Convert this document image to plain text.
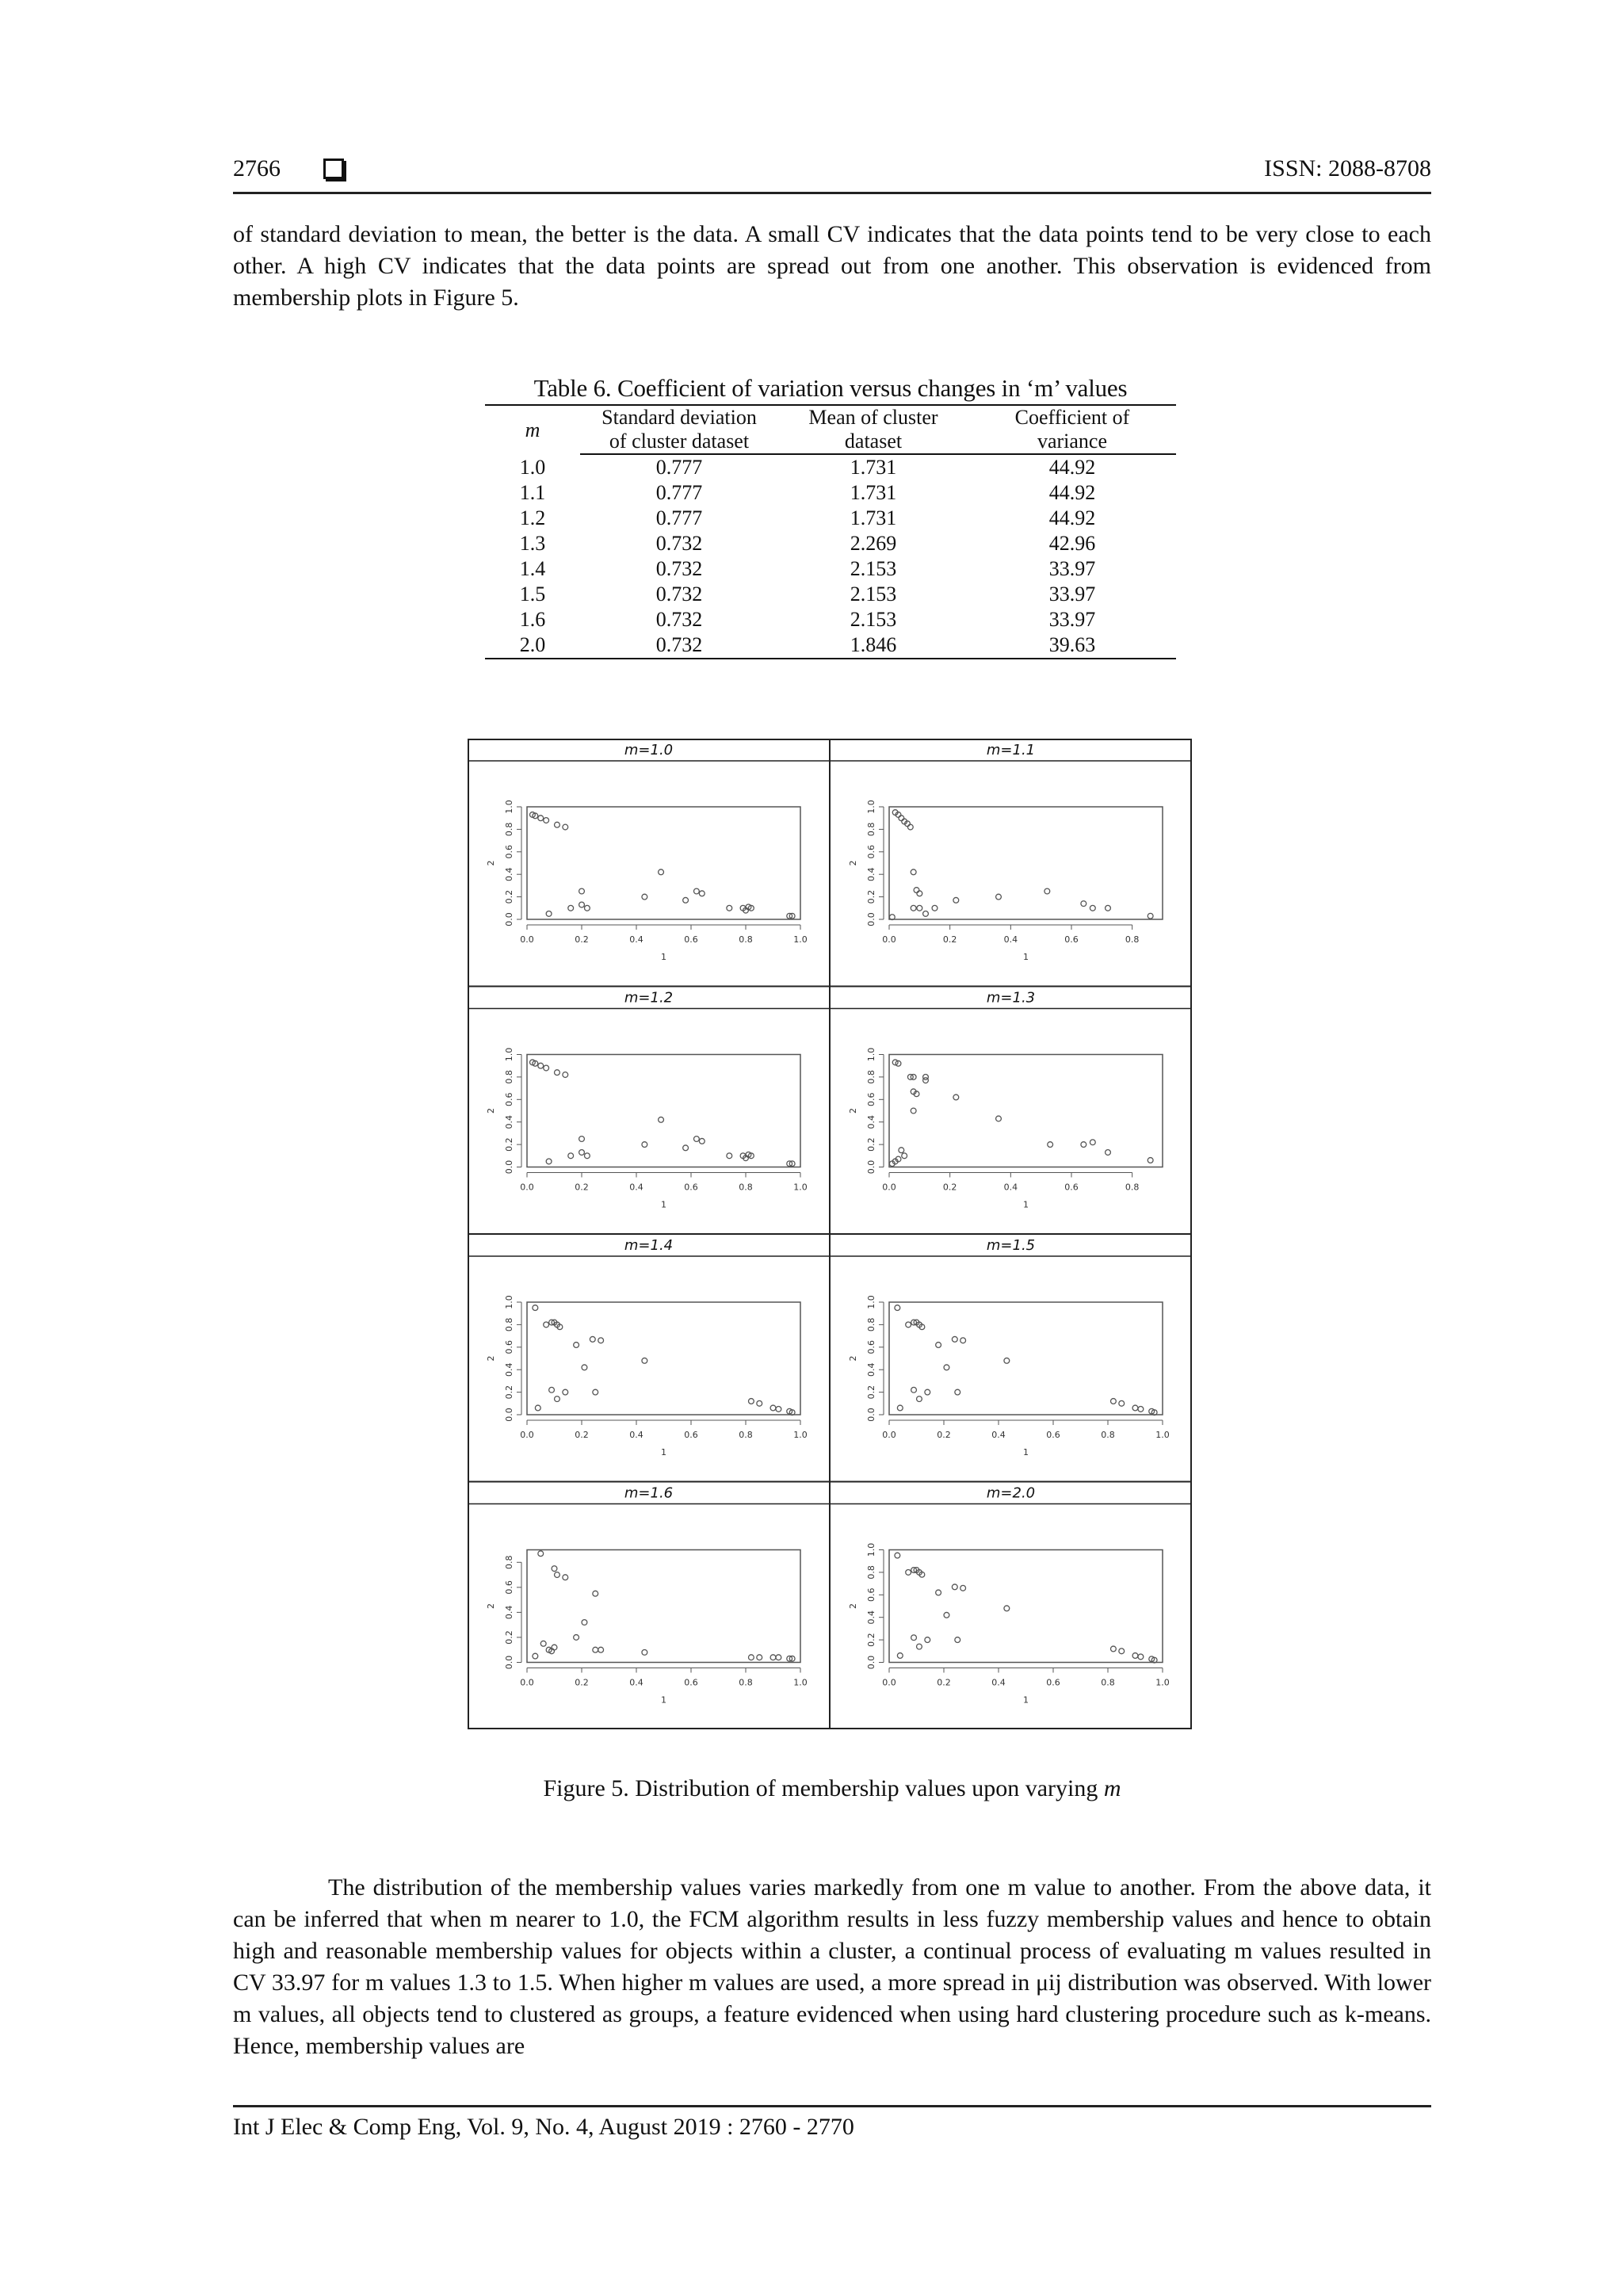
2766	ISSN: 2088-8708

of standard deviation to mean, the better is the data. A small CV indicates that the data points tend to be very close to each other. A high CV indicates that the data points are spread out from one another. This observation is evidenced from membership plots in Figure 5.

Table 6. Coefficient of variation versus changes in ‘m’ values
m	Standard deviation	Mean of cluster	Coefficient of
	of cluster dataset	dataset	variance
1.0	0.777	1.731	44.92
1.1	0.777	1.731	44.92
1.2	0.777	1.731	44.92
1.3	0.732	2.269	42.96
1.4	0.732	2.153	33.97
1.5	0.732	2.153	33.97
1.6	0.732	2.153	33.97
2.0	0.732	1.846	39.63
m=1.0
0.0	0.2	0.4	0.6	0.8	1.0
1
0.0
0.2
0.4
0.6
0.8
1.0
2
m=1.1
0.0	0.2	0.4	0.6	0.8
1
0.0
0.2
0.4
0.6
0.8
1.0
2
m=1.2
0.0	0.2	0.4	0.6	0.8	1.0
1
0.0
0.2
0.4
0.6
0.8
1.0
2
m=1.3
0.0	0.2	0.4	0.6	0.8
1
0.0
0.2
0.4
0.6
0.8
1.0
2
m=1.4
0.0	0.2	0.4	0.6	0.8	1.0
1
0.0
0.2
0.4
0.6
0.8
1.0
2
m=1.5
0.0	0.2	0.4	0.6	0.8	1.0
1
0.0
0.2
0.4
0.6
0.8
1.0
2
m=1.6
0.0	0.2	0.4	0.6	0.8	1.0
1
0.0
0.2
0.4
0.6
0.8
2
m=2.0
0.0	0.2	0.4	0.6	0.8	1.0
1
0.0
0.2
0.4
0.6
0.8
1.0
2
Figure 5. Distribution of membership values upon varying m

The distribution of the membership values varies markedly from one m value to another. From the above data, it can be inferred that when m nearer to 1.0, the FCM algorithm results in less fuzzy membership values and hence to obtain high and reasonable membership values for objects within a cluster, a continual process of evaluating m values resulted in CV 33.97 for m values 1.3 to 1.5. When higher m values are used, a more spread in μij distribution was observed. With lower m values, all objects tend to clustered as groups, a feature evidenced when using hard clustering procedure such as k-means. Hence, membership values are

Int J Elec & Comp Eng, Vol. 9, No. 4, August 2019 : 2760 - 2770
